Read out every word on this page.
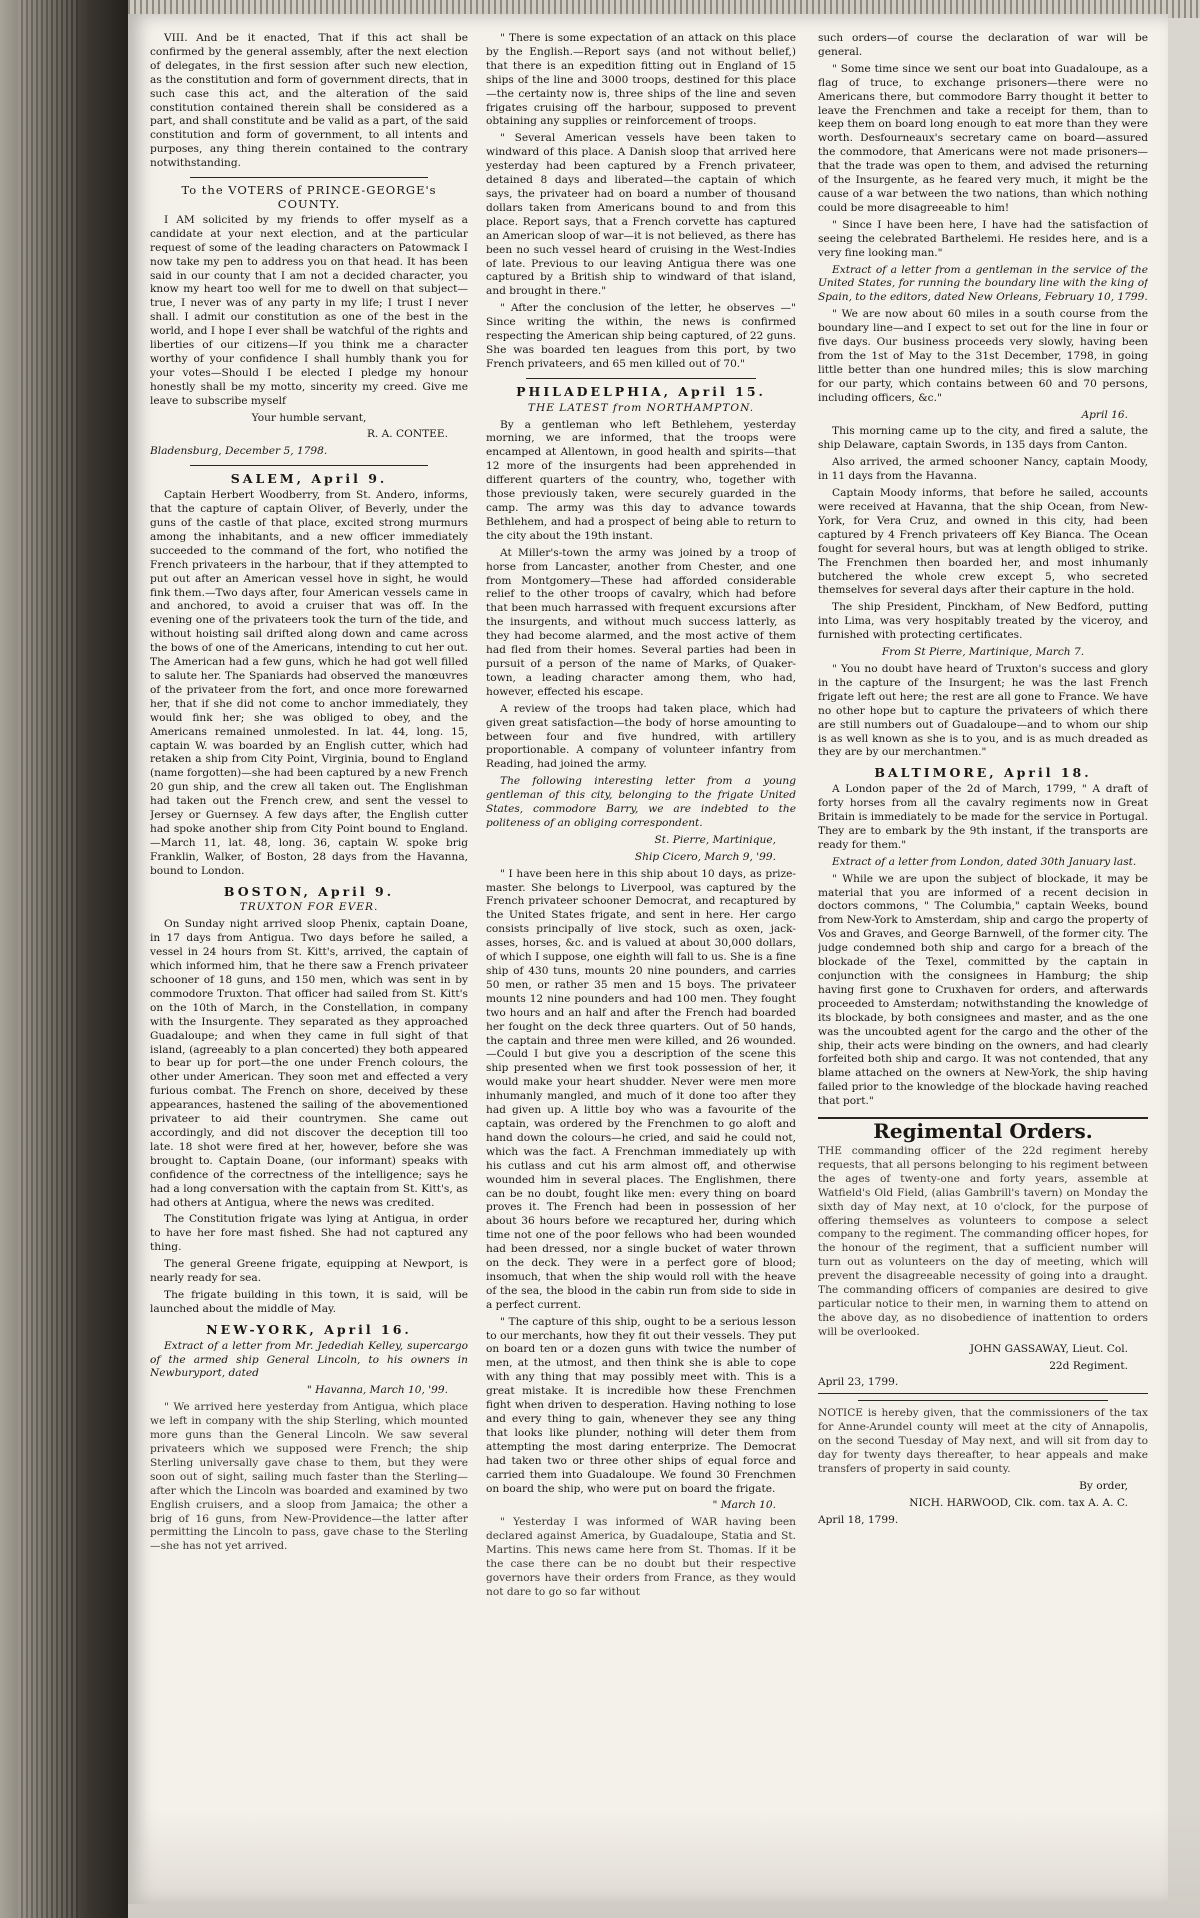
VIII. And be it enacted, That if this act shall be confirmed by the general assembly, after the next election of delegates, in the first session after such new election, as the constitution and form of government directs, that in such case this act, and the alteration of the said constitution contained therein shall be considered as a part, and shall constitute and be valid as a part, of the said constitution and form of government, to all intents and purposes, any thing therein contained to the contrary notwithstanding.

To the VOTERS of PRINCE-GEORGE's COUNTY.

I AM solicited by my friends to offer myself as a candidate at your next election, and at the particular request of some of the leading characters on Patowmack I now take my pen to address you on that head. It has been said in our county that I am not a decided character, you know my heart too well for me to dwell on that subject—true, I never was of any party in my life; I trust I never shall. I admit our constitution as one of the best in the world, and I hope I ever shall be watchful of the rights and liberties of our citizens—If you think me a character worthy of your confidence I shall humbly thank you for your votes—Should I be elected I pledge my honour honestly shall be my motto, sincerity my creed. Give me leave to subscribe myself

Your humble servant,

R. A. CONTEE.

Bladensburg, December 5, 1798.

SALEM, April 9.

Captain Herbert Woodberry, from St. Andero, informs, that the capture of captain Oliver, of Beverly, under the guns of the castle of that place, excited strong murmurs among the inhabitants, and a new officer immediately succeeded to the command of the fort, who notified the French privateers in the harbour, that if they attempted to put out after an American vessel hove in sight, he would fink them.—Two days after, four American vessels came in and anchored, to avoid a cruiser that was off. In the evening one of the privateers took the turn of the tide, and without hoisting sail drifted along down and came across the bows of one of the Americans, intending to cut her out. The American had a few guns, which he had got well filled to salute her. The Spaniards had observed the manœuvres of the privateer from the fort, and once more forewarned her, that if she did not come to anchor immediately, they would fink her; she was obliged to obey, and the Americans remained unmolested. In lat. 44, long. 15, captain W. was boarded by an English cutter, which had retaken a ship from City Point, Virginia, bound to England (name forgotten)—she had been captured by a new French 20 gun ship, and the crew all taken out. The Englishman had taken out the French crew, and sent the vessel to Jersey or Guernsey. A few days after, the English cutter had spoke another ship from City Point bound to England. —March 11, lat. 48, long. 36, captain W. spoke brig Franklin, Walker, of Boston, 28 days from the Havanna, bound to London.

BOSTON, April 9.
TRUXTON FOR EVER.

On Sunday night arrived sloop Phenix, captain Doane, in 17 days from Antigua. Two days before he sailed, a vessel in 24 hours from St. Kitt's, arrived, the captain of which informed him, that he there saw a French privateer schooner of 18 guns, and 150 men, which was sent in by commodore Truxton. That officer had sailed from St. Kitt's on the 10th of March, in the Constellation, in company with the Insurgente. They separated as they approached Guadaloupe; and when they came in full sight of that island, (agreeably to a plan concerted) they both appeared to bear up for port—the one under French colours, the other under American. They soon met and effected a very furious combat. The French on shore, deceived by these appearances, hastened the sailing of the abovementioned privateer to aid their countrymen. She came out accordingly, and did not discover the deception till too late. 18 shot were fired at her, however, before she was brought to. Captain Doane, (our informant) speaks with confidence of the correctness of the intelligence; says he had a long conversation with the captain from St. Kitt's, as had others at Antigua, where the news was credited.

The Constitution frigate was lying at Antigua, in order to have her fore mast fished. She had not captured any thing.

The general Greene frigate, equipping at Newport, is nearly ready for sea.

The frigate building in this town, it is said, will be launched about the middle of May.

NEW-YORK, April 16.

Extract of a letter from Mr. Jedediah Kelley, supercargo of the armed ship General Lincoln, to his owners in Newburyport, dated

" Havanna, March 10, '99.

" We arrived here yesterday from Antigua, which place we left in company with the ship Sterling, which mounted more guns than the General Lincoln. We saw several privateers which we supposed were French; the ship Sterling universally gave chase to them, but they were soon out of sight, sailing much faster than the Sterling—after which the Lincoln was boarded and examined by two English cruisers, and a sloop from Jamaica; the other a brig of 16 guns, from New-Providence—the latter after permitting the Lincoln to pass, gave chase to the Sterling—she has not yet arrived.

" There is some expectation of an attack on this place by the English.—Report says (and not without belief,) that there is an expedition fitting out in England of 15 ships of the line and 3000 troops, destined for this place—the certainty now is, three ships of the line and seven frigates cruising off the harbour, supposed to prevent obtaining any supplies or reinforcement of troops.

" Several American vessels have been taken to windward of this place. A Danish sloop that arrived here yesterday had been captured by a French privateer, detained 8 days and liberated—the captain of which says, the privateer had on board a number of thousand dollars taken from Americans bound to and from this place. Report says, that a French corvette has captured an American sloop of war—it is not believed, as there has been no such vessel heard of cruising in the West-Indies of late. Previous to our leaving Antigua there was one captured by a British ship to windward of that island, and brought in there."

" After the conclusion of the letter, he observes —" Since writing the within, the news is confirmed respecting the American ship being captured, of 22 guns. She was boarded ten leagues from this port, by two French privateers, and 65 men killed out of 70."

PHILADELPHIA, April 15.
THE LATEST from NORTHAMPTON.

By a gentleman who left Bethlehem, yesterday morning, we are informed, that the troops were encamped at Allentown, in good health and spirits—that 12 more of the insurgents had been apprehended in different quarters of the country, who, together with those previously taken, were securely guarded in the camp. The army was this day to advance towards Bethlehem, and had a prospect of being able to return to the city about the 19th instant.

At Miller's-town the army was joined by a troop of horse from Lancaster, another from Chester, and one from Montgomery—These had afforded considerable relief to the other troops of cavalry, which had before that been much harrassed with frequent excursions after the insurgents, and without much success latterly, as they had become alarmed, and the most active of them had fled from their homes. Several parties had been in pursuit of a person of the name of Marks, of Quaker-town, a leading character among them, who had, however, effected his escape.

A review of the troops had taken place, which had given great satisfaction—the body of horse amounting to between four and five hundred, with artillery proportionable. A company of volunteer infantry from Reading, had joined the army.

The following interesting letter from a young gentleman of this city, belonging to the frigate United States, commodore Barry, we are indebted to the politeness of an obliging correspondent.

St. Pierre, Martinique,

Ship Cicero, March 9, '99.

" I have been here in this ship about 10 days, as prize-master. She belongs to Liverpool, was captured by the French privateer schooner Democrat, and recaptured by the United States frigate, and sent in here. Her cargo consists principally of live stock, such as oxen, jack-asses, horses, &c. and is valued at about 30,000 dollars, of which I suppose, one eighth will fall to us. She is a fine ship of 430 tuns, mounts 20 nine pounders, and carries 50 men, or rather 35 men and 15 boys. The privateer mounts 12 nine pounders and had 100 men. They fought two hours and an half and after the French had boarded her fought on the deck three quarters. Out of 50 hands, the captain and three men were killed, and 26 wounded.—Could I but give you a description of the scene this ship presented when we first took possession of her, it would make your heart shudder. Never were men more inhumanly mangled, and much of it done too after they had given up. A little boy who was a favourite of the captain, was ordered by the Frenchmen to go aloft and hand down the colours—he cried, and said he could not, which was the fact. A Frenchman immediately up with his cutlass and cut his arm almost off, and otherwise wounded him in several places. The Englishmen, there can be no doubt, fought like men: every thing on board proves it. The French had been in possession of her about 36 hours before we recaptured her, during which time not one of the poor fellows who had been wounded had been dressed, nor a single bucket of water thrown on the deck. They were in a perfect gore of blood; insomuch, that when the ship would roll with the heave of the sea, the blood in the cabin run from side to side in a perfect current.

" The capture of this ship, ought to be a serious lesson to our merchants, how they fit out their vessels. They put on board ten or a dozen guns with twice the number of men, at the utmost, and then think she is able to cope with any thing that may possibly meet with. This is a great mistake. It is incredible how these Frenchmen fight when driven to desperation. Having nothing to lose and every thing to gain, whenever they see any thing that looks like plunder, nothing will deter them from attempting the most daring enterprize. The Democrat had taken two or three other ships of equal force and carried them into Guadaloupe. We found 30 Frenchmen on board the ship, who were put on board the frigate.

" March 10.

" Yesterday I was informed of WAR having been declared against America, by Guadaloupe, Statia and St. Martins. This news came here from St. Thomas. If it be the case there can be no doubt but their respective governors have their orders from France, as they would not dare to go so far without

such orders—of course the declaration of war will be general.

" Some time since we sent our boat into Guadaloupe, as a flag of truce, to exchange prisoners—there were no Americans there, but commodore Barry thought it better to leave the Frenchmen and take a receipt for them, than to keep them on board long enough to eat more than they were worth. Desfourneaux's secretary came on board—assured the commodore, that Americans were not made prisoners—that the trade was open to them, and advised the returning of the Insurgente, as he feared very much, it might be the cause of a war between the two nations, than which nothing could be more disagreeable to him!

" Since I have been here, I have had the satisfaction of seeing the celebrated Barthelemi. He resides here, and is a very fine looking man."

Extract of a letter from a gentleman in the service of the United States, for running the boundary line with the king of Spain, to the editors, dated New Orleans, February 10, 1799.

" We are now about 60 miles in a south course from the boundary line—and I expect to set out for the line in four or five days. Our business proceeds very slowly, having been from the 1st of May to the 31st December, 1798, in going little better than one hundred miles; this is slow marching for our party, which contains between 60 and 70 persons, including officers, &c."

April 16.

This morning came up to the city, and fired a salute, the ship Delaware, captain Swords, in 135 days from Canton.

Also arrived, the armed schooner Nancy, captain Moody, in 11 days from the Havanna.

Captain Moody informs, that before he sailed, accounts were received at Havanna, that the ship Ocean, from New-York, for Vera Cruz, and owned in this city, had been captured by 4 French privateers off Key Bianca. The Ocean fought for several hours, but was at length obliged to strike. The Frenchmen then boarded her, and most inhumanly butchered the whole crew except 5, who secreted themselves for several days after their capture in the hold.

The ship President, Pinckham, of New Bedford, putting into Lima, was very hospitably treated by the viceroy, and furnished with protecting certificates.

From St Pierre, Martinique, March 7.

" You no doubt have heard of Truxton's success and glory in the capture of the Insurgent; he was the last French frigate left out here; the rest are all gone to France. We have no other hope but to capture the privateers of which there are still numbers out of Guadaloupe—and to whom our ship is as well known as she is to you, and is as much dreaded as they are by our merchantmen."

BALTIMORE, April 18.

A London paper of the 2d of March, 1799, " A draft of forty horses from all the cavalry regiments now in Great Britain is immediately to be made for the service in Portugal. They are to embark by the 9th instant, if the transports are ready for them."

Extract of a letter from London, dated 30th January last.

" While we are upon the subject of blockade, it may be material that you are informed of a recent decision in doctors commons, " The Columbia," captain Weeks, bound from New-York to Amsterdam, ship and cargo the property of Vos and Graves, and George Barnwell, of the former city. The judge condemned both ship and cargo for a breach of the blockade of the Texel, committed by the captain in conjunction with the consignees in Hamburg; the ship having first gone to Cruxhaven for orders, and afterwards proceeded to Amsterdam; notwithstanding the knowledge of its blockade, by both consignees and master, and as the one was the uncoubted agent for the cargo and the other of the ship, their acts were binding on the owners, and had clearly forfeited both ship and cargo. It was not contended, that any blame attached on the owners at New-York, the ship having failed prior to the knowledge of the blockade having reached that port."

Regimental Orders.

THE commanding officer of the 22d regiment hereby requests, that all persons belonging to his regiment between the ages of twenty-one and forty years, assemble at Watfield's Old Field, (alias Gambrill's tavern) on Monday the sixth day of May next, at 10 o'clock, for the purpose of offering themselves as volunteers to compose a select company to the regiment. The commanding officer hopes, for the honour of the regiment, that a sufficient number will turn out as volunteers on the day of meeting, which will prevent the disagreeable necessity of going into a draught. The commanding officers of companies are desired to give particular notice to their men, in warning them to attend on the above day, as no disobedience of inattention to orders will be overlooked.

JOHN GASSAWAY, Lieut. Col.

22d Regiment.

April 23, 1799.

NOTICE is hereby given, that the commissioners of the tax for Anne-Arundel county will meet at the city of Annapolis, on the second Tuesday of May next, and will sit from day to day for twenty days thereafter, to hear appeals and make transfers of property in said county.

By order,

NICH. HARWOOD, Clk. com. tax A. A. C.

April 18, 1799.
